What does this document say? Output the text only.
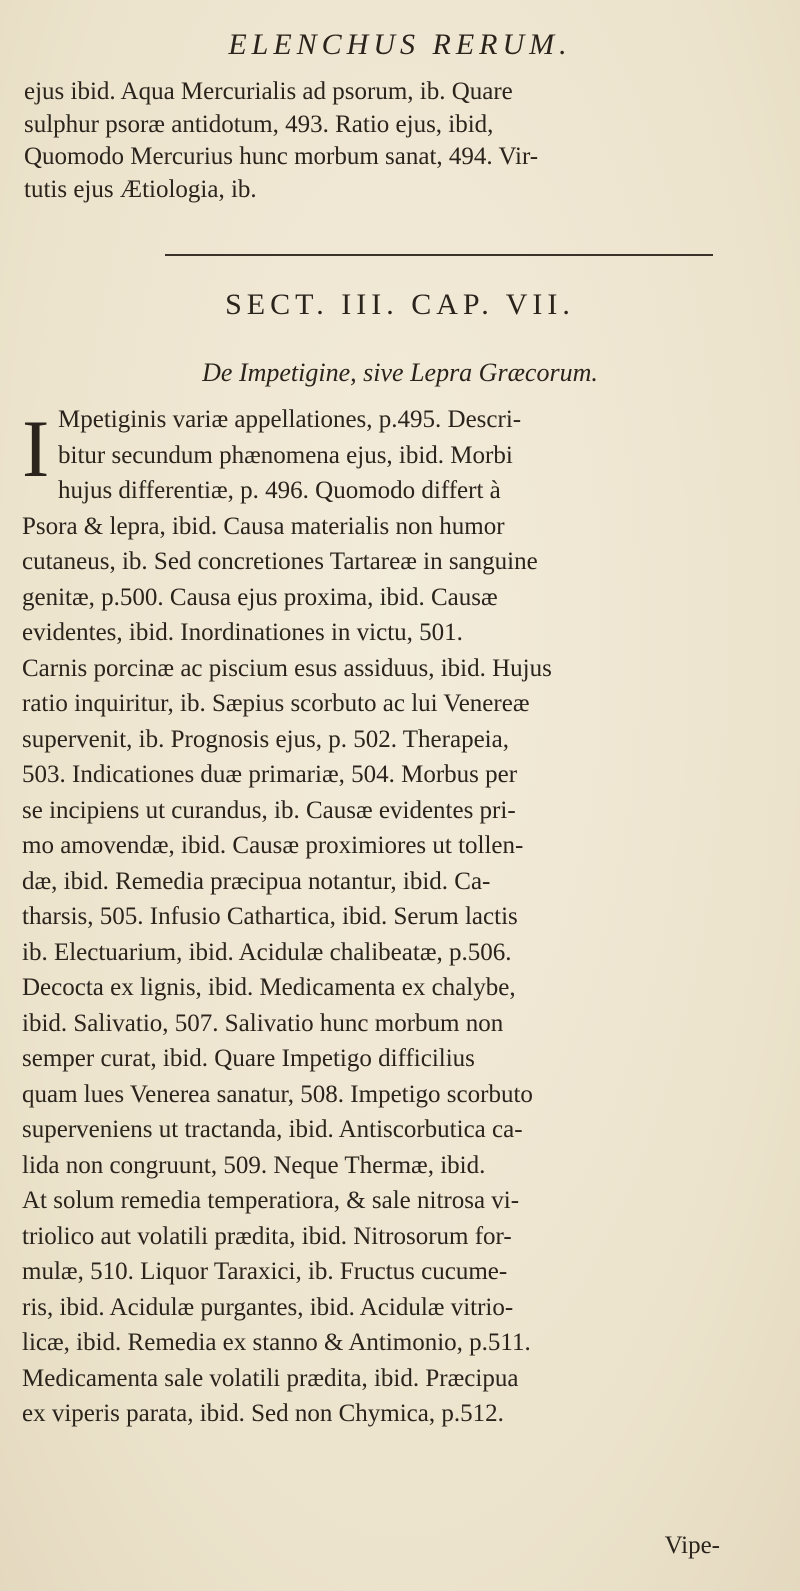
ELENCHUS RERUM.
ejus ibid. Aqua Mercurialis ad psorum, ib. Quare
sulphur psoræ antidotum, 493. Ratio ejus, ibid,
Quomodo Mercurius hunc morbum sanat, 494. Vir-
tutis ejus Ætiologia, ib.
SECT. III. CAP. VII.
De Impetigine, sive Lepra Græcorum.
I Mpetiginis variæ appellationes, p.495. Descri-
bitur secundum phænomena ejus, ibid. Morbi
hujus differentiæ, p. 496. Quomodo differt à
Psora & lepra, ibid. Causa materialis non humor
cutaneus, ib. Sed concretiones Tartareæ in sanguine
genitæ, p.500. Causa ejus proxima, ibid. Causæ
evidentes, ibid. Inordinationes in victu, 501.
Carnis porcinæ ac piscium esus assiduus, ibid. Hujus
ratio inquiritur, ib. Sæpius scorbuto ac lui Venereæ
supervenit, ib. Prognosis ejus, p. 502. Therapeia,
503. Indicationes duæ primariæ, 504. Morbus per
se incipiens ut curandus, ib. Causæ evidentes pri-
mo amovendæ, ibid. Causæ proximiores ut tollen-
dæ, ibid. Remedia præcipua notantur, ibid. Ca-
tharsis, 505. Infusio Cathartica, ibid. Serum lactis
ib. Electuarium, ibid. Acidulæ chalibeatæ, p.506.
Decocta ex lignis, ibid. Medicamenta ex chalybe,
ibid. Salivatio, 507. Salivatio hunc morbum non
semper curat, ibid. Quare Impetigo difficilius
quam lues Venerea sanatur, 508. Impetigo scorbuto
superveniens ut tractanda, ibid. Antiscorbutica ca-
lida non congruunt, 509. Neque Thermæ, ibid.
At solum remedia temperatiora, & sale nitrosa vi-
triolico aut volatili prædita, ibid. Nitrosorum for-
mulæ, 510. Liquor Taraxici, ib. Fructus cucume-
ris, ibid. Acidulæ purgantes, ibid. Acidulæ vitrio-
licæ, ibid. Remedia ex stanno & Antimonio, p.511.
Medicamenta sale volatili prædita, ibid. Præcipua
ex viperis parata, ibid. Sed non Chymica, p.512.
Vipe-
